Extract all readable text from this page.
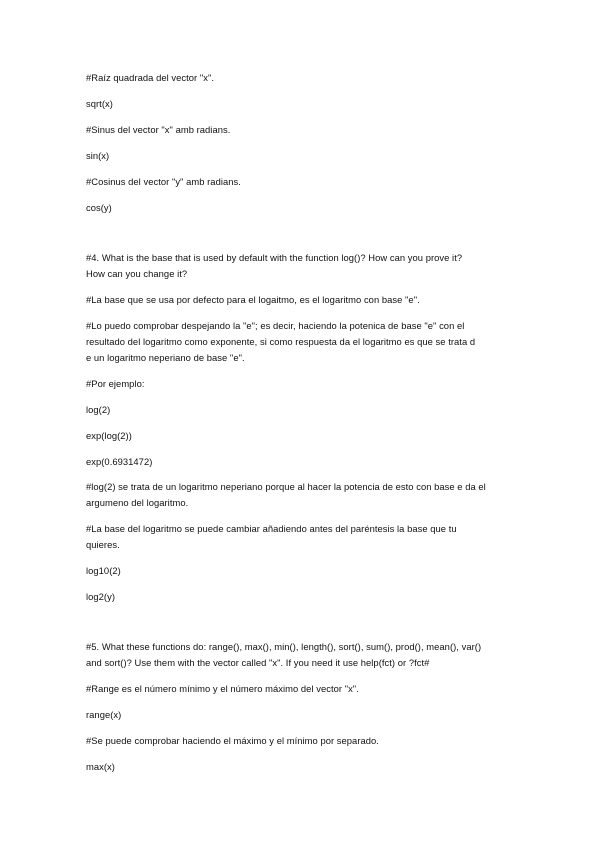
#Raíz quadrada del vector "x".
sqrt(x)
#Sinus del vector "x" amb radians.
sin(x)
#Cosinus del vector "y" amb radians.
cos(y)
#4. What is the base that is used by default with the function log()? How can you prove it?
How can you change it?
#La base que se usa por defecto para el logaitmo, es el logaritmo con base "e".
#Lo puedo comprobar despejando la "e"; es decir, haciendo la potenica de base "e" con el
resultado del logaritmo como exponente, si como respuesta da el logaritmo es que se trata d
e un logaritmo neperiano de base "e".
#Por ejemplo:
log(2)
exp(log(2))
exp(0.6931472)
#log(2) se trata de un logaritmo neperiano porque al hacer la potencia de esto con base e da el
argumeno del logaritmo.
#La base del logaritmo se puede cambiar añadiendo antes del paréntesis la base que tu
quieres.
log10(2)
log2(y)
#5. What these functions do: range(), max(), min(), length(), sort(), sum(), prod(), mean(), var()
and sort()? Use them with the vector called "x". If you need it use help(fct) or ?fct#
#Range es el número mínimo y el número máximo del vector "x".
range(x)
#Se puede comprobar haciendo el máximo y el mínimo por separado.
max(x)
